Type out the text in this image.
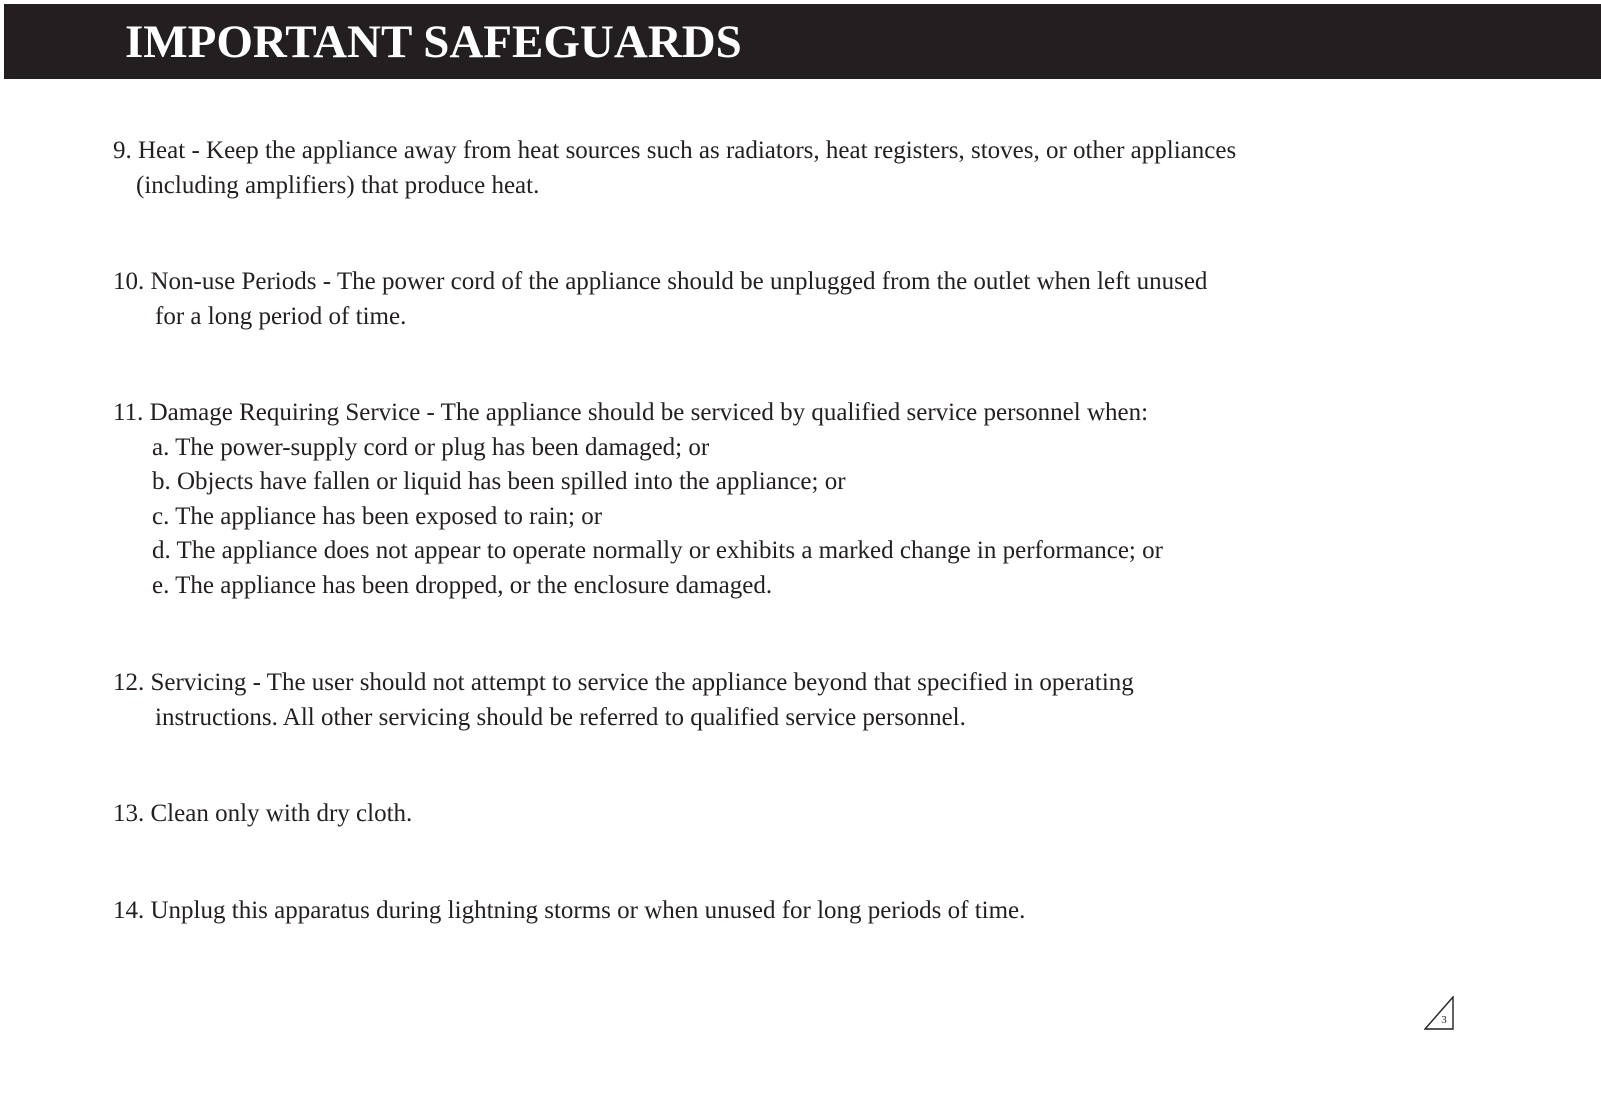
IMPORTANT SAFEGUARDS

9. Heat - Keep the appliance away from heat sources such as radiators, heat registers, stoves, or other appliances
(including amplifiers) that produce heat.

10. Non-use Periods - The power cord of the appliance should be unplugged from the outlet when left unused
for a long period of time.

11. Damage Requiring Service - The appliance should be serviced by qualified service personnel when:
a. The power-supply cord or plug has been damaged; or
b. Objects have fallen or liquid has been spilled into the appliance; or
c. The appliance has been exposed to rain; or
d. The appliance does not appear to operate normally or exhibits a marked change in performance; or
e. The appliance has been dropped, or the enclosure damaged.

12. Servicing - The user should not attempt to service the appliance beyond that specified in operating
instructions. All other servicing should be referred to qualified service personnel.

13. Clean only with dry cloth.

14. Unplug this apparatus during lightning storms or when unused for long periods of time.

3
